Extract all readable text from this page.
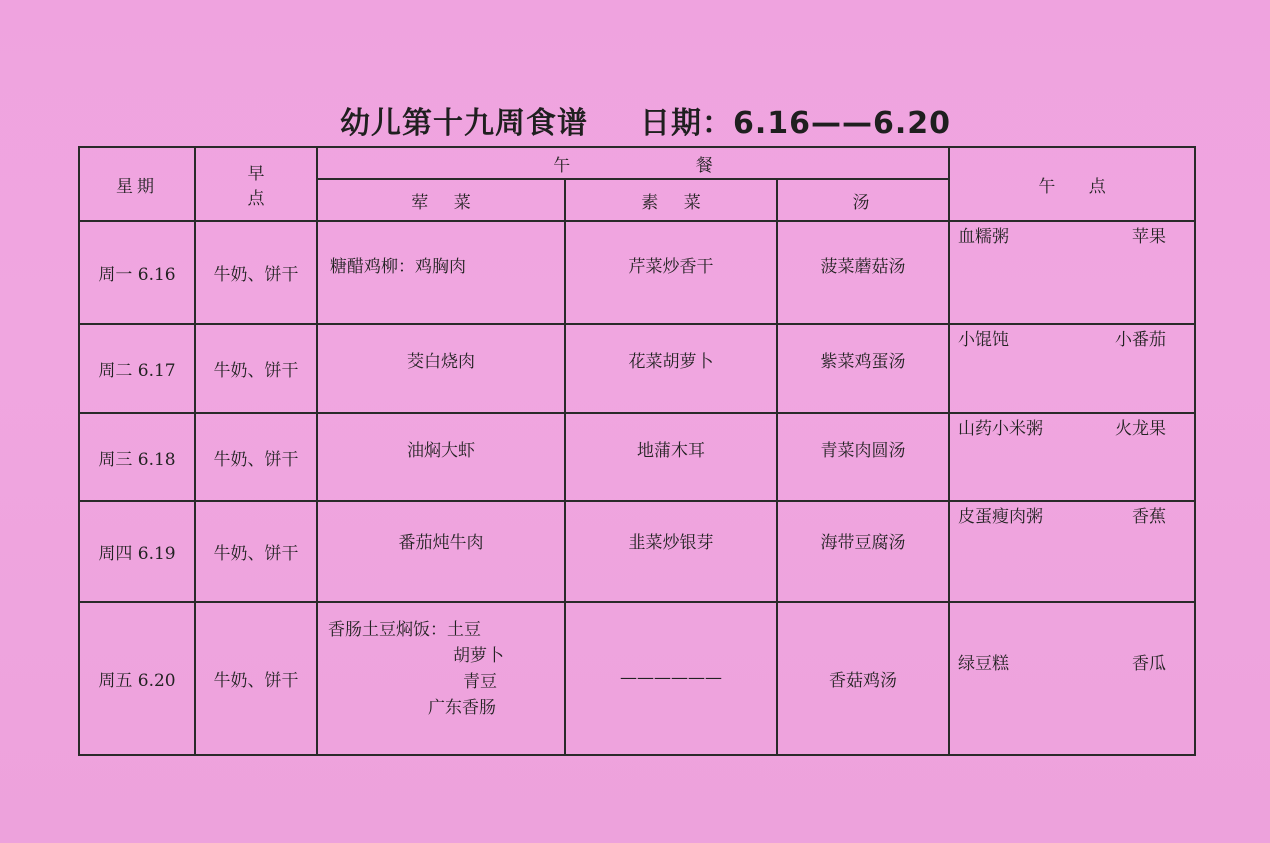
幼儿第十九周食谱 日期：6.16——6.20
星期	早　点	午 餐			午 点
		荤 菜	素 菜	汤	
周一 6.16	牛奶、饼干	糖醋鸡柳：鸡胸肉	芹菜炒香干	菠菜蘑菇汤	血糯粥 苹果

周二 6.17	牛奶、饼干	茭白烧肉	花菜胡萝卜	紫菜鸡蛋汤	小馄饨 小番茄

周三 6.18	牛奶、饼干	油焖大虾	地蒲木耳	青菜肉圆汤	山药小米粥 火龙果

周四 6.19	牛奶、饼干	番茄炖牛肉	韭菜炒银芽	海带豆腐汤	皮蛋瘦肉粥 香蕉

周五 6.20	牛奶、饼干	香肠土豆焖饭：土豆
胡萝卜
青豆
广东香肠	——————	香菇鸡汤	绿豆糕 香瓜
